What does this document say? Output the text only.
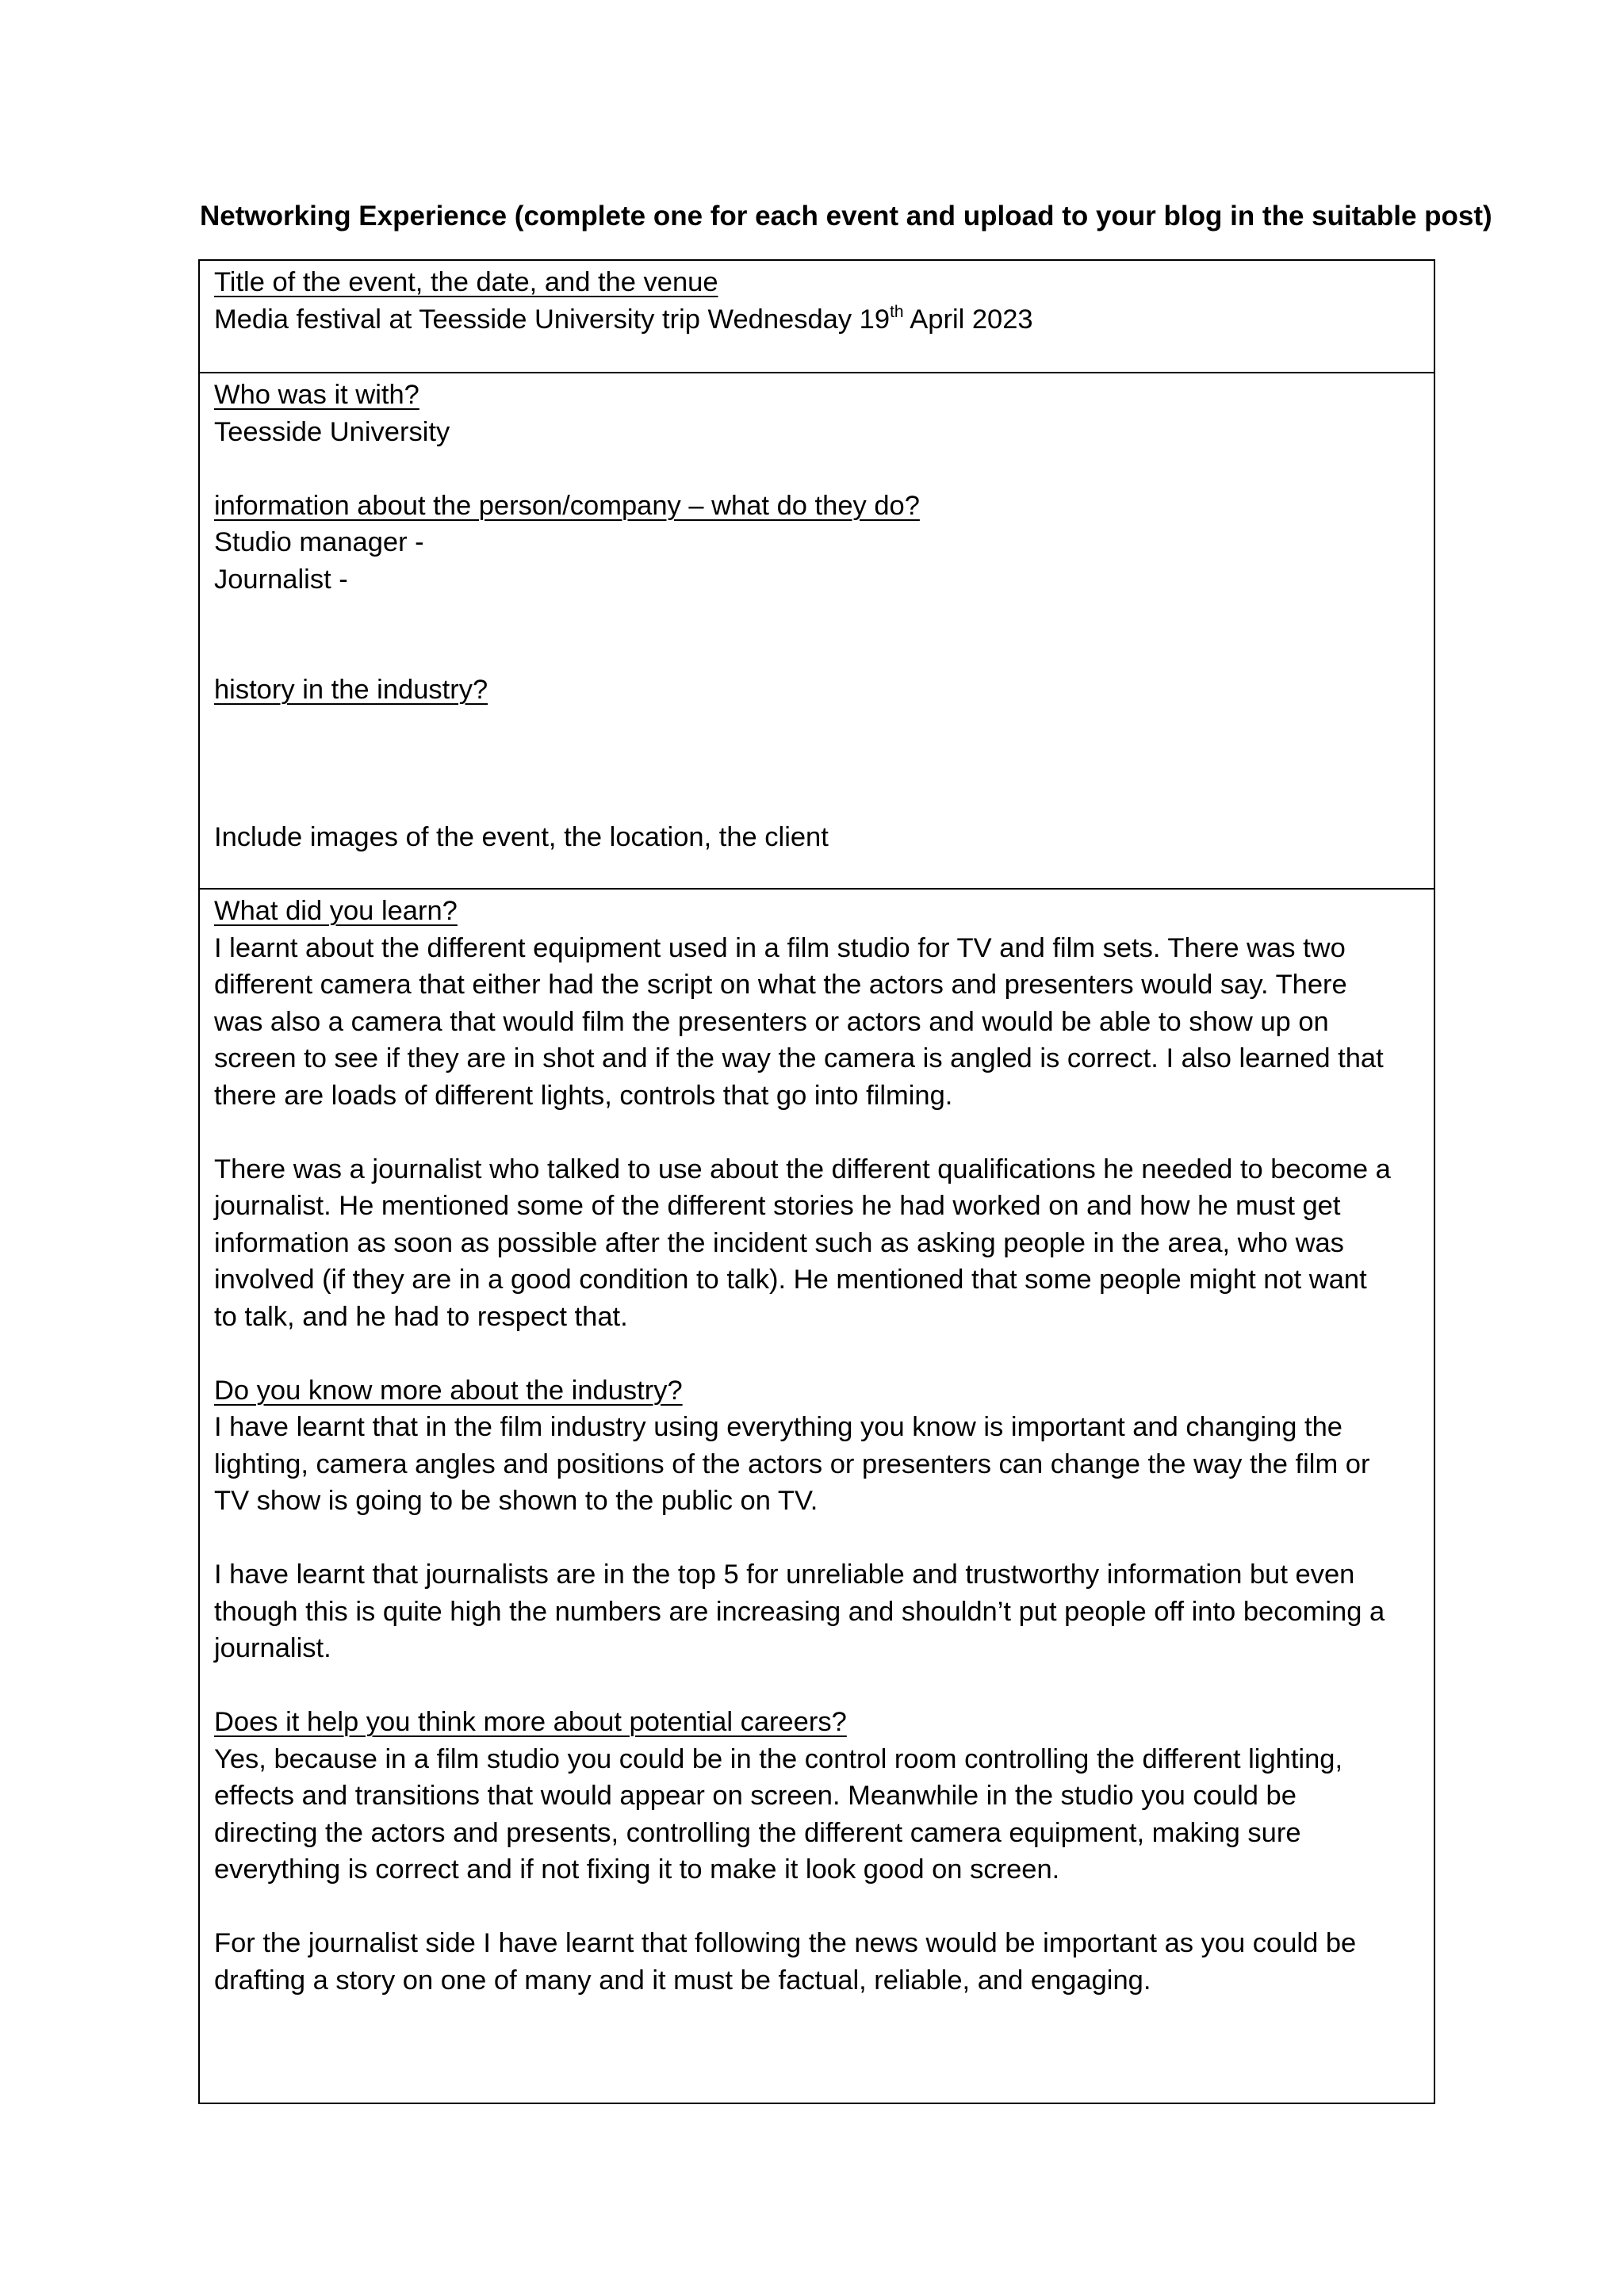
Networking Experience (complete one for each event and upload to your blog in the suitable post)
Title of the event, the date, and the venue
Media festival at Teesside University trip Wednesday 19th April 2023
Who was it with?
Teesside University
information about the person/company – what do they do?
Studio manager -
Journalist -
history in the industry?
Include images of the event, the location, the client
What did you learn?
I learnt about the different equipment used in a film studio for TV and film sets. There was two
different camera that either had the script on what the actors and presenters would say. There
was also a camera that would film the presenters or actors and would be able to show up on
screen to see if they are in shot and if the way the camera is angled is correct. I also learned that
there are loads of different lights, controls that go into filming.
There was a journalist who talked to use about the different qualifications he needed to become a
journalist. He mentioned some of the different stories he had worked on and how he must get
information as soon as possible after the incident such as asking people in the area, who was
involved (if they are in a good condition to talk). He mentioned that some people might not want
to talk, and he had to respect that.
Do you know more about the industry?
I have learnt that in the film industry using everything you know is important and changing the
lighting, camera angles and positions of the actors or presenters can change the way the film or
TV show is going to be shown to the public on TV.
I have learnt that journalists are in the top 5 for unreliable and trustworthy information but even
though this is quite high the numbers are increasing and shouldn’t put people off into becoming a
journalist.
Does it help you think more about potential careers?
Yes, because in a film studio you could be in the control room controlling the different lighting,
effects and transitions that would appear on screen. Meanwhile in the studio you could be
directing the actors and presents, controlling the different camera equipment, making sure
everything is correct and if not fixing it to make it look good on screen.
For the journalist side I have learnt that following the news would be important as you could be
drafting a story on one of many and it must be factual, reliable, and engaging.
